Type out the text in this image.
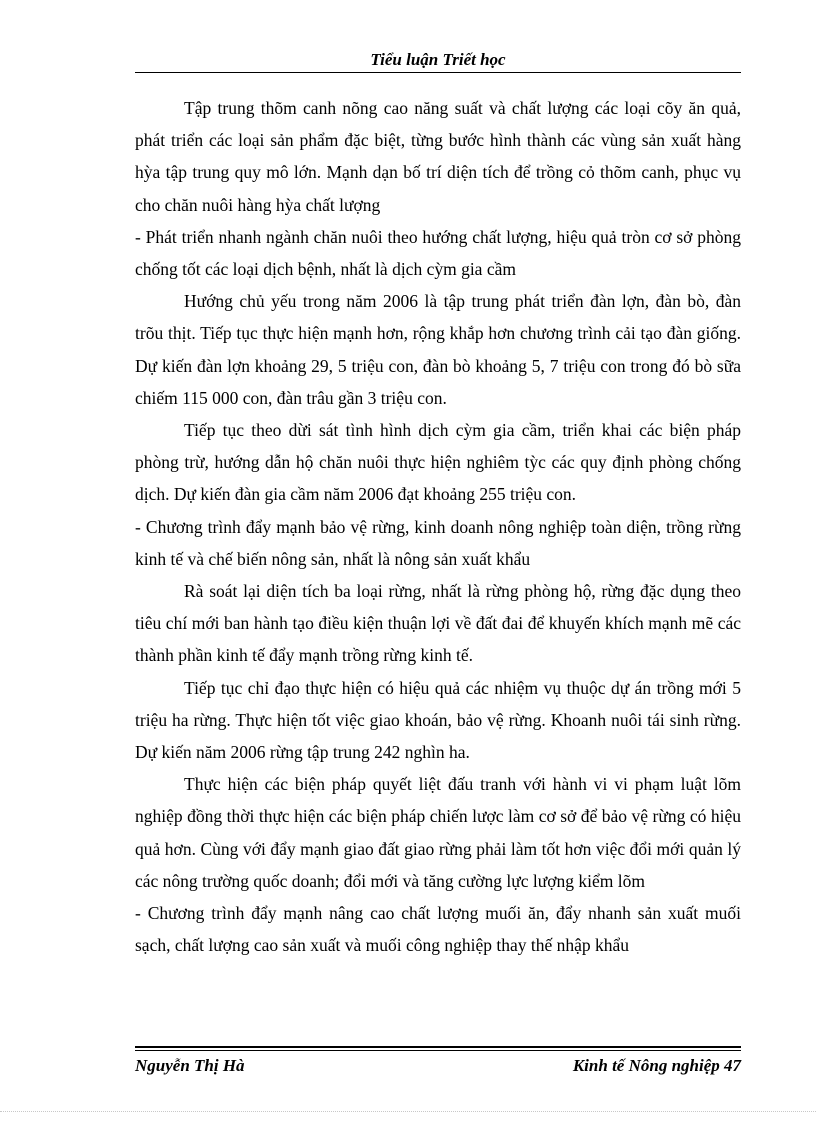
Tiểu luận Triết học

Tập trung thõm canh nõng cao năng suất và chất lượng các loại cõy ăn quả, phát triển các loại sản phẩm đặc biệt, từng bước hình thành các vùng sản xuất hàng hỳa tập trung quy mô lớn. Mạnh dạn bố trí diện tích để trồng cỏ thõm canh, phục vụ cho chăn nuôi hàng hỳa chất lượng

- Phát triển nhanh ngành chăn nuôi theo hướng chất lượng, hiệu quả tròn cơ sở phòng chống tốt các loại dịch bệnh, nhất là dịch cỳm gia cầm

Hướng chủ yếu trong năm 2006 là tập trung phát triển đàn lợn, đàn bò, đàn trõu thịt. Tiếp tục thực hiện mạnh hơn, rộng khắp hơn chương trình cải tạo đàn giống. Dự kiến đàn lợn khoảng 29, 5 triệu con, đàn bò khoảng 5, 7 triệu con trong đó bò sữa chiếm 115 000 con, đàn trâu gần 3 triệu con.

Tiếp tục theo dừi sát tình hình dịch cỳm gia cầm, triển khai các biện pháp phòng trừ, hướng dẫn hộ chăn nuôi thực hiện nghiêm tỳc các quy định phòng chống dịch. Dự kiến đàn gia cầm năm 2006 đạt khoảng 255 triệu con.

- Chương trình đẩy mạnh bảo vệ rừng, kinh doanh nông nghiệp toàn diện, trồng rừng kinh tế và chế biến nông sản, nhất là nông sản xuất khẩu

Rà soát lại diện tích ba loại rừng, nhất là rừng phòng hộ, rừng đặc dụng theo tiêu chí mới ban hành tạo điều kiện thuận lợi về đất đai để khuyến khích mạnh mẽ các thành phần kinh tế đẩy mạnh trồng rừng kinh tế.

Tiếp tục chỉ đạo thực hiện có hiệu quả các nhiệm vụ thuộc dự án trồng mới 5 triệu ha rừng. Thực hiện tốt việc giao khoán, bảo vệ rừng. Khoanh nuôi tái sinh rừng. Dự kiến năm 2006 rừng tập trung 242 nghìn ha.

Thực hiện các biện pháp quyết liệt đấu tranh với hành vi vi phạm luật lõm nghiệp đồng thời thực hiện các biện pháp chiến lược làm cơ sở để bảo vệ rừng có hiệu quả hơn. Cùng với đẩy mạnh giao đất giao rừng phải làm tốt hơn việc đổi mới quản lý các nông trường quốc doanh; đổi mới và tăng cường lực lượng kiểm lõm

- Chương trình đẩy mạnh nâng cao chất lượng muối ăn, đẩy nhanh sản xuất muối sạch, chất lượng cao sản xuất và muối công nghiệp thay thế nhập khẩu

Nguyễn Thị Hà	Kinh tế Nông nghiệp 47
